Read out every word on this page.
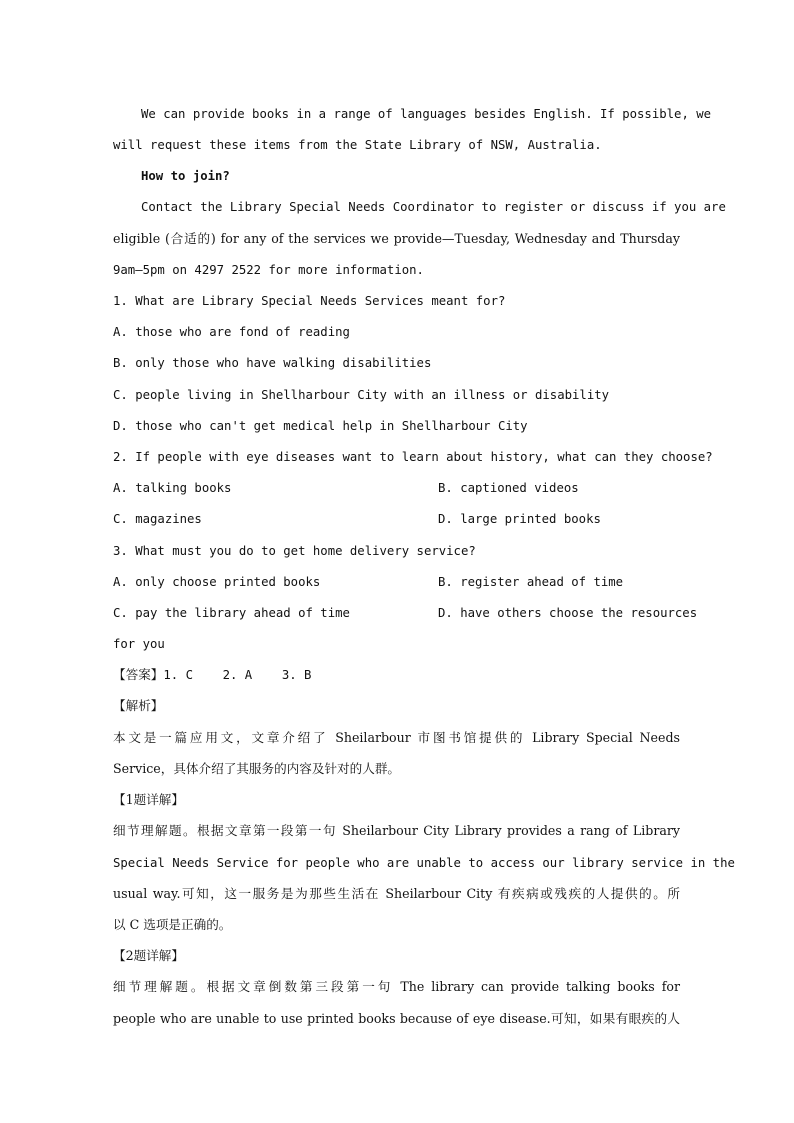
We can provide books in a range of languages besides English. If possible, we
will request these items from the State Library of NSW, Australia.
How to join?
Contact the Library Special Needs Coordinator to register or discuss if you are
eligible (合适的) for any of the services we provide—Tuesday, Wednesday and Thursday
9am—5pm on 4297 2522 for more information.
1. What are Library Special Needs Services meant for?
A. those who are fond of reading
B. only those who have walking disabilities
C. people living in Shellharbour City with an illness or disability
D. those who can't get medical help in Shellharbour City
2. If people with eye diseases want to learn about history, what can they choose?
A. talking books	B. captioned videos
C. magazines	D. large printed books
3. What must you do to get home delivery service?
A. only choose printed books	B. register ahead of time
C. pay the library ahead of time	D. have others choose the resources
for you
【答案】1. C    2. A    3. B
【解析】
本文是一篇应用文，文章介绍了 Sheilarbour 市图书馆提供的 Library Special Needs
Service，具体介绍了其服务的内容及针对的人群。
【1题详解】
细节理解题。根据文章第一段第一句 Sheilarbour City Library provides a rang of Library
Special Needs Service for people who are unable to access our library service in the
usual way.可知，这一服务是为那些生活在 Sheilarbour City 有疾病或残疾的人提供的。所
以 C 选项是正确的。
【2题详解】
细节理解题。根据文章倒数第三段第一句 The library can provide talking books for
people who are unable to use printed books because of eye disease.可知，如果有眼疾的人
